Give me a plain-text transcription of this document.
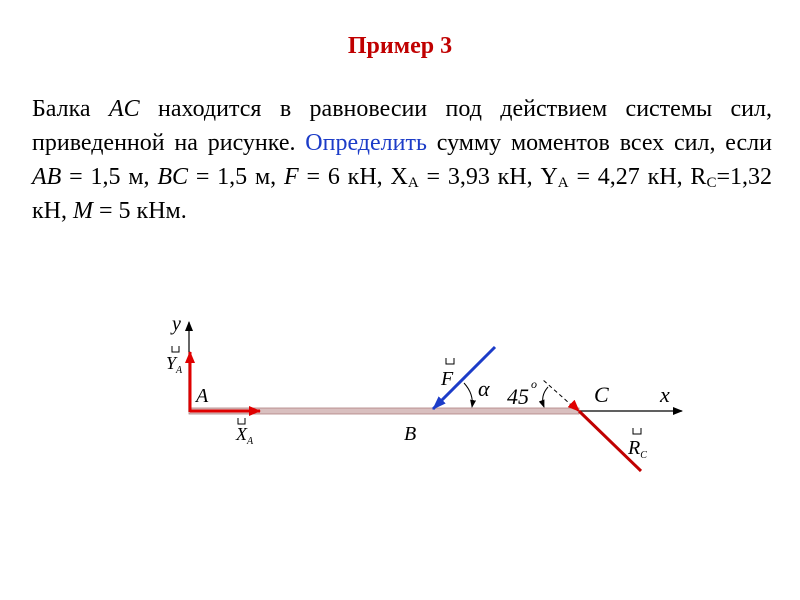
Пример 3
Балка AC находится в равновесии под действием системы сил, приведенной на рисунке. Определить сумму моментов всех сил, если AB = 1,5 м, BC = 1,5 м, F = 6 кН, $X_A = 3,93$ кН, $Y_A = 4,27$ кН, $R_C=1,32$ кН, M = 5 кНм.
y
x
$Y_A$
A
$X_A$	B
F α 45 о	C
$R_C$
